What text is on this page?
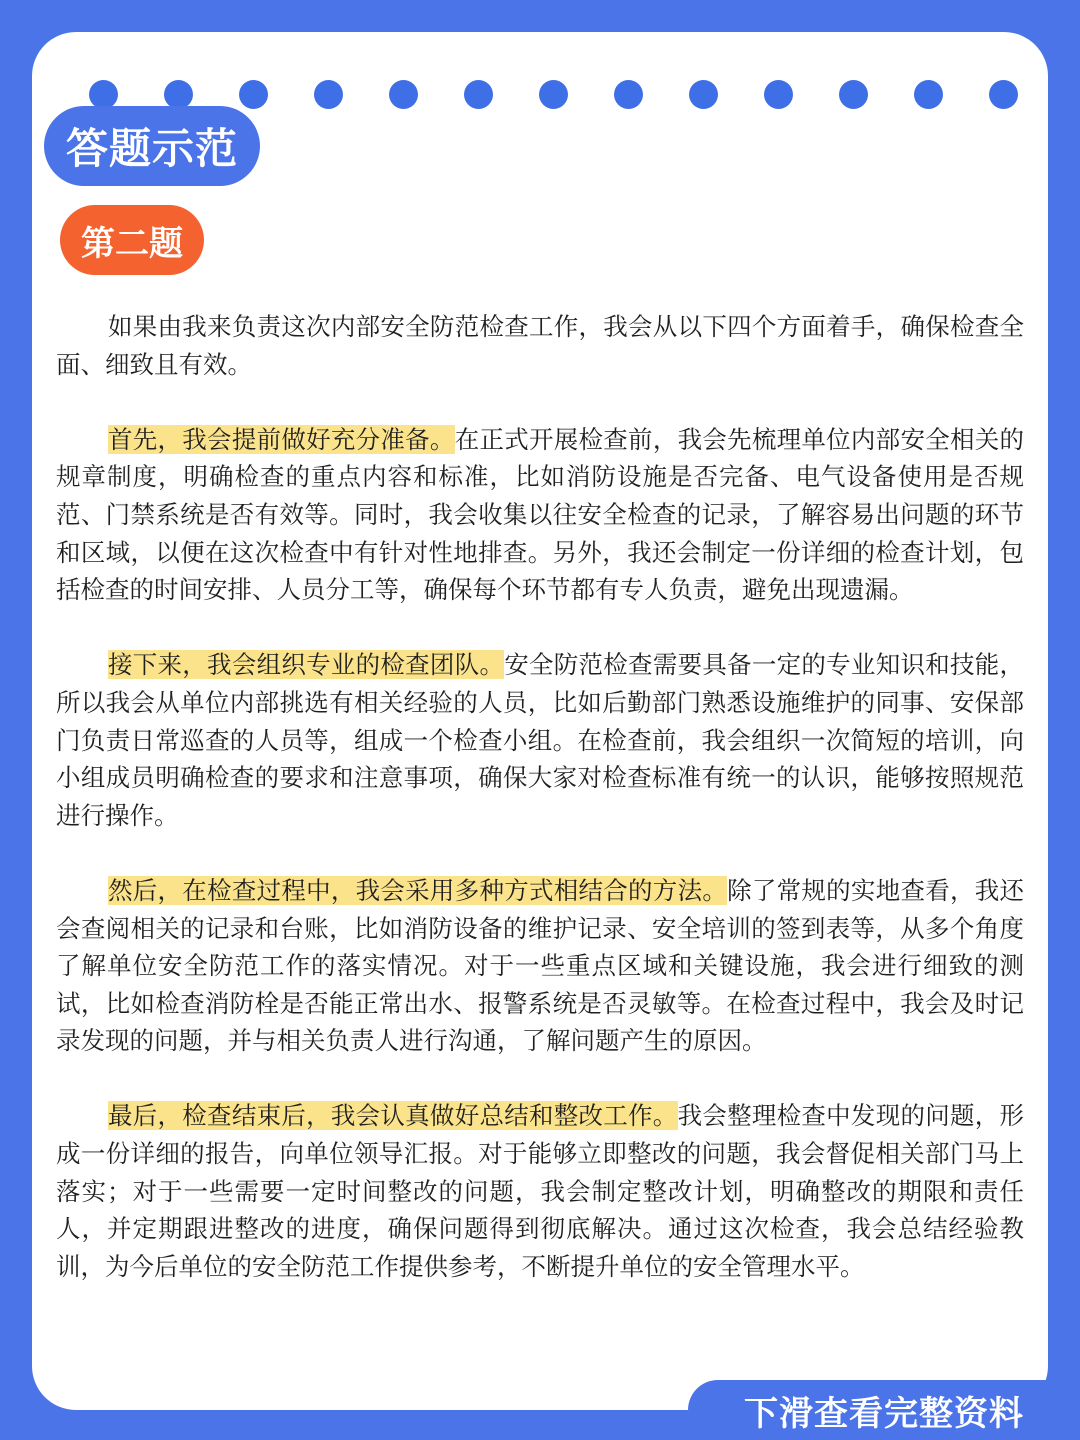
答题示范
第二题

如果由我来负责这次内部安全防范检查工作，我会从以下四个方面着手，确保检查全面、细致且有效。

首先，我会提前做好充分准备。在正式开展检查前，我会先梳理单位内部安全相关的规章制度，明确检查的重点内容和标准，比如消防设施是否完备、电气设备使用是否规范、门禁系统是否有效等。同时，我会收集以往安全检查的记录，了解容易出问题的环节和区域，以便在这次检查中有针对性地排查。另外，我还会制定一份详细的检查计划，包括检查的时间安排、人员分工等，确保每个环节都有专人负责，避免出现遗漏。

接下来，我会组织专业的检查团队。安全防范检查需要具备一定的专业知识和技能，所以我会从单位内部挑选有相关经验的人员，比如后勤部门熟悉设施维护的同事、安保部门负责日常巡查的人员等，组成一个检查小组。在检查前，我会组织一次简短的培训，向小组成员明确检查的要求和注意事项，确保大家对检查标准有统一的认识，能够按照规范进行操作。

然后，在检查过程中，我会采用多种方式相结合的方法。除了常规的实地查看，我还会查阅相关的记录和台账，比如消防设备的维护记录、安全培训的签到表等，从多个角度了解单位安全防范工作的落实情况。对于一些重点区域和关键设施，我会进行细致的测试，比如检查消防栓是否能正常出水、报警系统是否灵敏等。在检查过程中，我会及时记录发现的问题，并与相关负责人进行沟通，了解问题产生的原因。

最后，检查结束后，我会认真做好总结和整改工作。我会整理检查中发现的问题，形成一份详细的报告，向单位领导汇报。对于能够立即整改的问题，我会督促相关部门马上落实；对于一些需要一定时间整改的问题，我会制定整改计划，明确整改的期限和责任人，并定期跟进整改的进度，确保问题得到彻底解决。通过这次检查，我会总结经验教训，为今后单位的安全防范工作提供参考，不断提升单位的安全管理水平。

下滑查看完整资料
